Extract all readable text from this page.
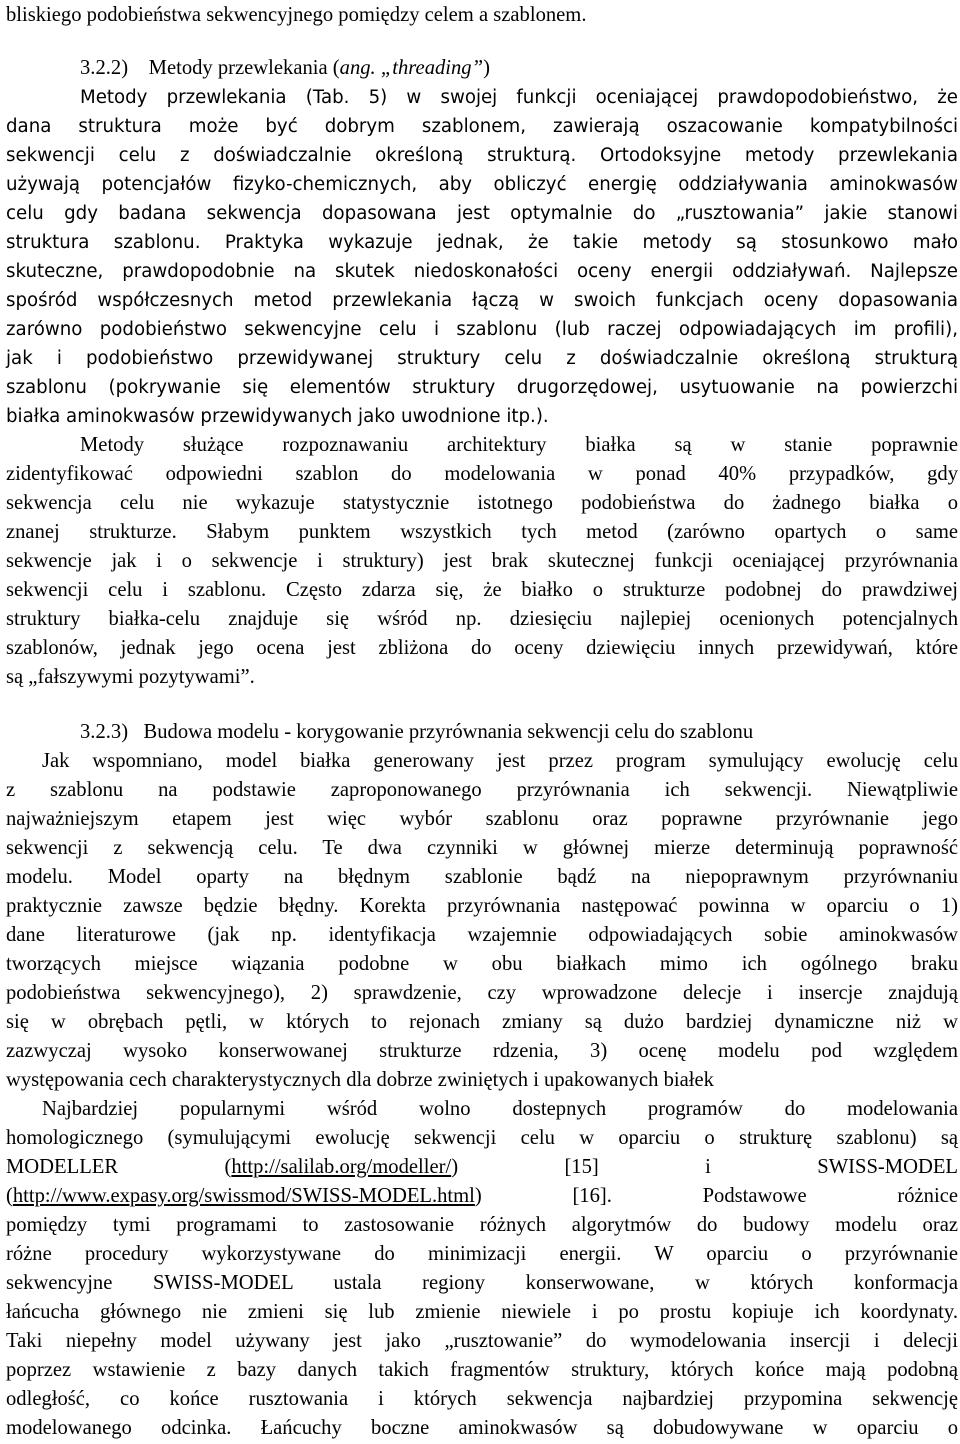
bliskiego podobieństwa sekwencyjnego pomiędzy celem a szablonem.
3.2.2) Metody przewlekania (ang. „threading”)
Metody przewlekania (Tab. 5) w swojej funkcji oceniającej prawdopodobieństwo, że
dana struktura może być dobrym szablonem, zawierają oszacowanie kompatybilności
sekwencji celu z doświadczalnie określoną strukturą. Ortodoksyjne metody przewlekania
używają potencjałów fizyko-chemicznych, aby obliczyć energię oddziaływania aminokwasów
celu gdy badana sekwencja dopasowana jest optymalnie do „rusztowania” jakie stanowi
struktura szablonu. Praktyka wykazuje jednak, że takie metody są stosunkowo mało
skuteczne, prawdopodobnie na skutek niedoskonałości oceny energii oddziaływań. Najlepsze
spośród współczesnych metod przewlekania łączą w swoich funkcjach oceny dopasowania
zarówno podobieństwo sekwencyjne celu i szablonu (lub raczej odpowiadających im profili),
jak i podobieństwo przewidywanej struktury celu z doświadczalnie określoną strukturą
szablonu (pokrywanie się elementów struktury drugorzędowej, usytuowanie na powierzchi
białka aminokwasów przewidywanych jako uwodnione itp.).
Metody służące rozpoznawaniu architektury białka są w stanie poprawnie
zidentyfikować odpowiedni szablon do modelowania w ponad 40% przypadków, gdy
sekwencja celu nie wykazuje statystycznie istotnego podobieństwa do żadnego białka o
znanej strukturze. Słabym punktem wszystkich tych metod (zarówno opartych o same
sekwencje jak i o sekwencje i struktury) jest brak skutecznej funkcji oceniającej przyrównania
sekwencji celu i szablonu. Często zdarza się, że białko o strukturze podobnej do prawdziwej
struktury białka-celu znajduje się wśród np. dziesięciu najlepiej ocenionych potencjalnych
szablonów, jednak jego ocena jest zbliżona do oceny dziewięciu innych przewidywań, które
są „fałszywymi pozytywami”.
3.2.3) Budowa modelu - korygowanie przyrównania sekwencji celu do szablonu
Jak wspomniano, model białka generowany jest przez program symulujący ewolucję celu
z szablonu na podstawie zaproponowanego przyrównania ich sekwencji. Niewątpliwie
najważniejszym etapem jest więc wybór szablonu oraz poprawne przyrównanie jego
sekwencji z sekwencją celu. Te dwa czynniki w głównej mierze determinują poprawność
modelu. Model oparty na błędnym szablonie bądź na niepoprawnym przyrównaniu
praktycznie zawsze będzie błędny. Korekta przyrównania następować powinna w oparciu o 1)
dane literaturowe (jak np. identyfikacja wzajemnie odpowiadających sobie aminokwasów
tworzących miejsce wiązania podobne w obu białkach mimo ich ogólnego braku
podobieństwa sekwencyjnego), 2) sprawdzenie, czy wprowadzone delecje i insercje znajdują
się w obrębach pętli, w których to rejonach zmiany są dużo bardziej dynamiczne niż w
zazwyczaj wysoko konserwowanej strukturze rdzenia, 3) ocenę modelu pod względem
występowania cech charakterystycznych dla dobrze zwiniętych i upakowanych białek
Najbardziej popularnymi wśród wolno dostepnych programów do modelowania
homologicznego (symulującymi ewolucję sekwencji celu w oparciu o strukturę szablonu) są
MODELLER	(http://salilab.org/modeller/)	[15]	i	SWISS-MODEL
(http://www.expasy.org/swissmod/SWISS-MODEL.html)	[16].	Podstawowe	różnice
pomiędzy tymi programami to zastosowanie różnych algorytmów do budowy modelu oraz
różne procedury wykorzystywane do minimizacji energii. W oparciu o przyrównanie
sekwencyjne SWISS-MODEL ustala regiony konserwowane, w których konformacja
łańcucha głównego nie zmieni się lub zmienie niewiele i po prostu kopiuje ich koordynaty.
Taki niepełny model używany jest jako „rusztowanie” do wymodelowania insercji i delecji
poprzez wstawienie z bazy danych takich fragmentów struktury, których końce mają podobną
odległość, co końce rusztowania i których sekwencja najbardziej przypomina sekwencję
modelowanego odcinka. Łańcuchy boczne aminokwasów są dobudowywane w oparciu o
